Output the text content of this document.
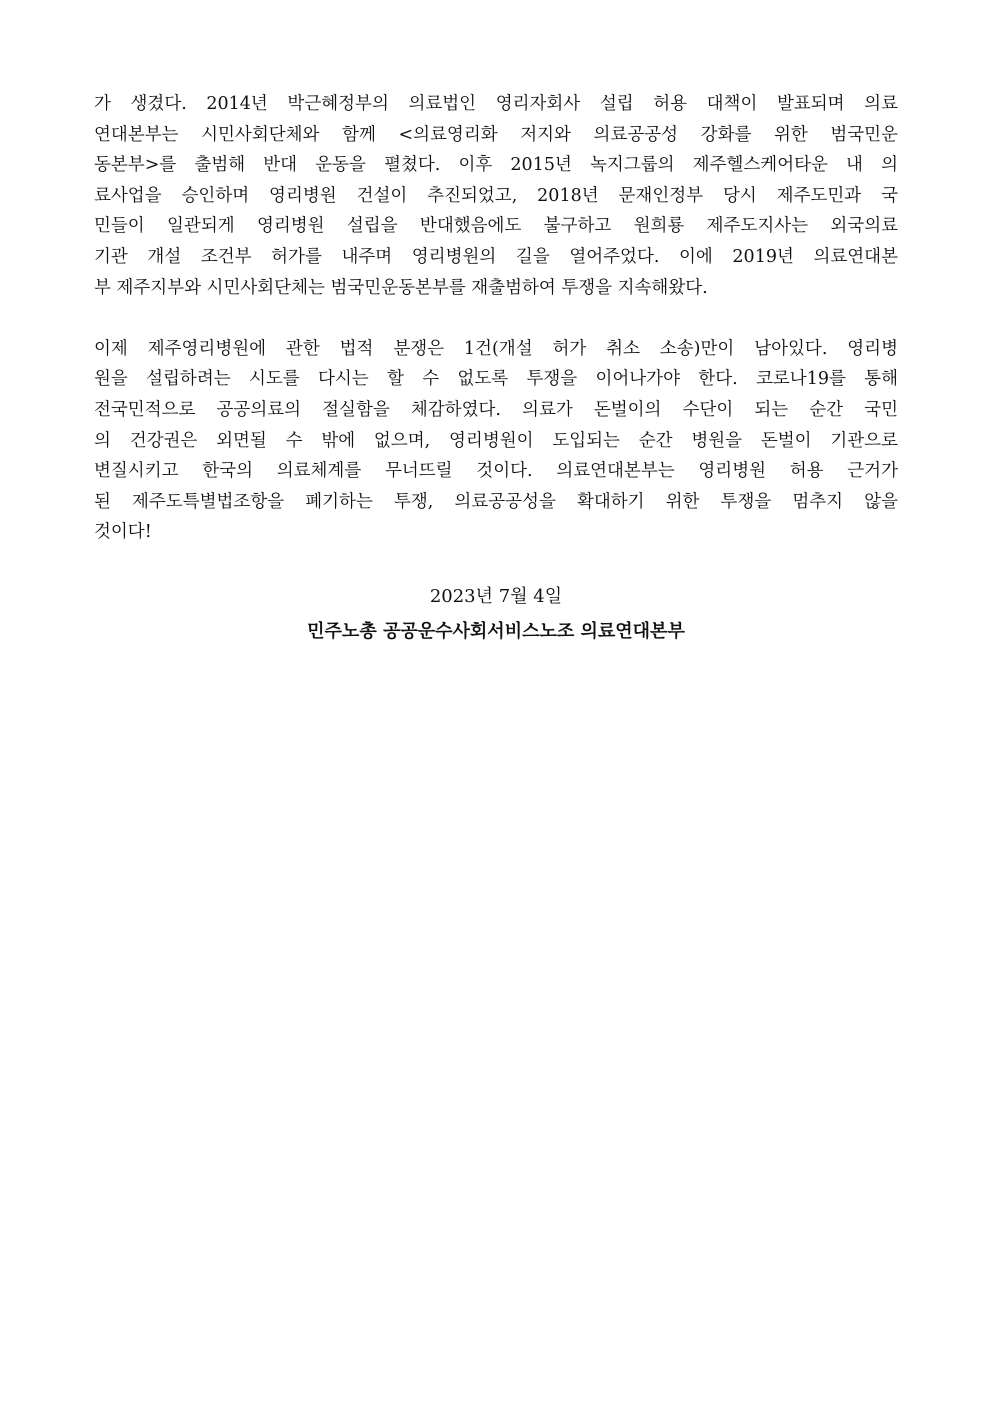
가 생겼다. 2014년 박근혜정부의 의료법인 영리자회사 설립 허용 대책이 발표되며 의료
연대본부는 시민사회단체와 함께 <의료영리화 저지와 의료공공성 강화를 위한 범국민운
동본부>를 출범해 반대 운동을 펼쳤다. 이후 2015년 녹지그룹의 제주헬스케어타운 내 의
료사업을 승인하며 영리병원 건설이 추진되었고, 2018년 문재인정부 당시 제주도민과 국
민들이 일관되게 영리병원 설립을 반대했음에도 불구하고 원희룡 제주도지사는 외국의료
기관 개설 조건부 허가를 내주며 영리병원의 길을 열어주었다. 이에 2019년 의료연대본
부 제주지부와 시민사회단체는 범국민운동본부를 재출범하여 투쟁을 지속해왔다.

이제 제주영리병원에 관한 법적 분쟁은 1건(개설 허가 취소 소송)만이 남아있다. 영리병
원을 설립하려는 시도를 다시는 할 수 없도록 투쟁을 이어나가야 한다. 코로나19를 통해
전국민적으로 공공의료의 절실함을 체감하였다. 의료가 돈벌이의 수단이 되는 순간 국민
의 건강권은 외면될 수 밖에 없으며, 영리병원이 도입되는 순간 병원을 돈벌이 기관으로
변질시키고 한국의 의료체계를 무너뜨릴 것이다. 의료연대본부는 영리병원 허용 근거가
된 제주도특별법조항을 폐기하는 투쟁, 의료공공성을 확대하기 위한 투쟁을 멈추지 않을
것이다!

2023년 7월 4일
민주노총 공공운수사회서비스노조 의료연대본부
